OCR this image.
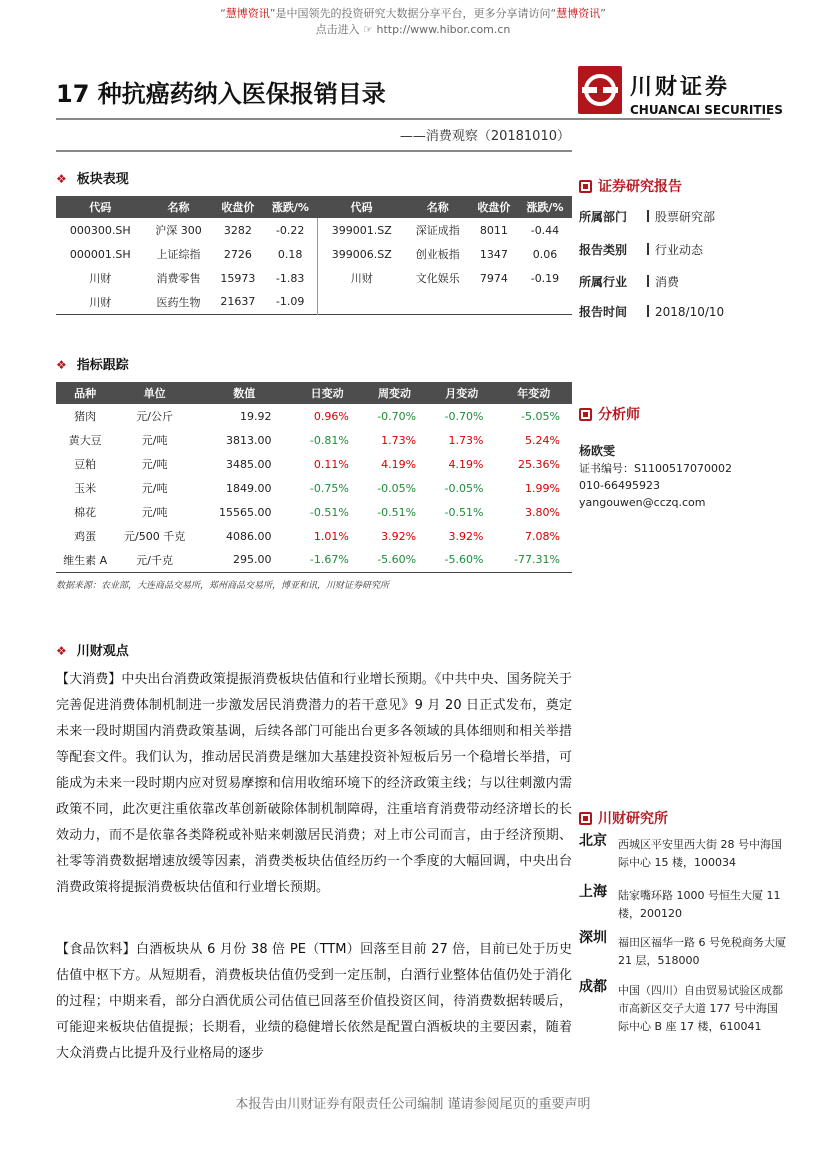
“慧博资讯”是中国领先的投资研究大数据分享平台，更多分享请访问“慧博资讯”
点击进入 ☞ http://www.hibor.com.cn
17 种抗癌药纳入医保报销目录	川财证券
CHUANCAI SECURITIES
——消费观察（20181010）
❖ 板块表现
代码	名称	收盘价	涨跌/%	代码	名称	收盘价	涨跌/%
000300.SH	沪深 300	3282	-0.22	399001.SZ	深证成指	8011	-0.44
000001.SH	上证综指	2726	0.18	399006.SZ	创业板指	1347	0.06
川财	消费零售	15973	-1.83	川财	文化娱乐	7974	-0.19
川财	医药生物	21637	-1.09				
❖ 指标跟踪
品种	单位	数值	日变动	周变动	月变动	年变动
猪肉	元/公斤	19.92	0.96%	-0.70%	-0.70%	-5.05%
黄大豆	元/吨	3813.00	-0.81%	1.73%	1.73%	5.24%
豆粕	元/吨	3485.00	0.11%	4.19%	4.19%	25.36%
玉米	元/吨	1849.00	-0.75%	-0.05%	-0.05%	1.99%
棉花	元/吨	15565.00	-0.51%	-0.51%	-0.51%	3.80%
鸡蛋	元/500 千克	4086.00	1.01%	3.92%	3.92%	7.08%
维生素 A	元/千克	295.00	-1.67%	-5.60%	-5.60%	-77.31%
数据来源：农业部，大连商品交易所，郑州商品交易所，博亚和讯，川财证券研究所
❖ 川财观点
【大消费】中央出台消费政策提振消费板块估值和行业增长预期。《中共中央、国务院关于完善促进消费体制机制进一步激发居民消费潜力的若干意见》9 月 20 日正式发布，奠定未来一段时期国内消费政策基调，后续各部门可能出台更多各领域的具体细则和相关举措等配套文件。我们认为，推动居民消费是继加大基建投资补短板后另一个稳增长举措，可能成为未来一段时期内应对贸易摩擦和信用收缩环境下的经济政策主线；与以往刺激内需政策不同，此次更注重依靠改革创新破除体制机制障碍，注重培育消费带动经济增长的长效动力，而不是依靠各类降税或补贴来刺激居民消费；对上市公司而言，由于经济预期、社零等消费数据增速放缓等因素，消费类板块估值经历约一个季度的大幅回调，中央出台消费政策将提振消费板块估值和行业增长预期。
【食品饮料】白酒板块从 6 月份 38 倍 PE（TTM）回落至目前 27 倍，目前已处于历史估值中枢下方。从短期看，消费板块估值仍受到一定压制，白酒行业整体估值仍处于消化的过程；中期来看，部分白酒优质公司估值已回落至价值投资区间，待消费数据转暖后，可能迎来板块估值提振；长期看，业绩的稳健增长依然是配置白酒板块的主要因素，随着大众消费占比提升及行业格局的逐步
证券研究报告
所属部门 股票研究部
报告类别 行业动态
所属行业 消费
报告时间 2018/10/10
分析师
杨欧雯
证书编号：S1100517070002
010-66495923
yangouwen@cczq.com
川财研究所
北京 西城区平安里西大街 28 号中海国际中心 15 楼，100034
上海 陆家嘴环路 1000 号恒生大厦 11 楼，200120
深圳 福田区福华一路 6 号免税商务大厦 21 层，518000
成都 中国（四川）自由贸易试验区成都市高新区交子大道 177 号中海国际中心 B 座 17 楼，610041
本报告由川财证券有限责任公司编制 谨请参阅尾页的重要声明
